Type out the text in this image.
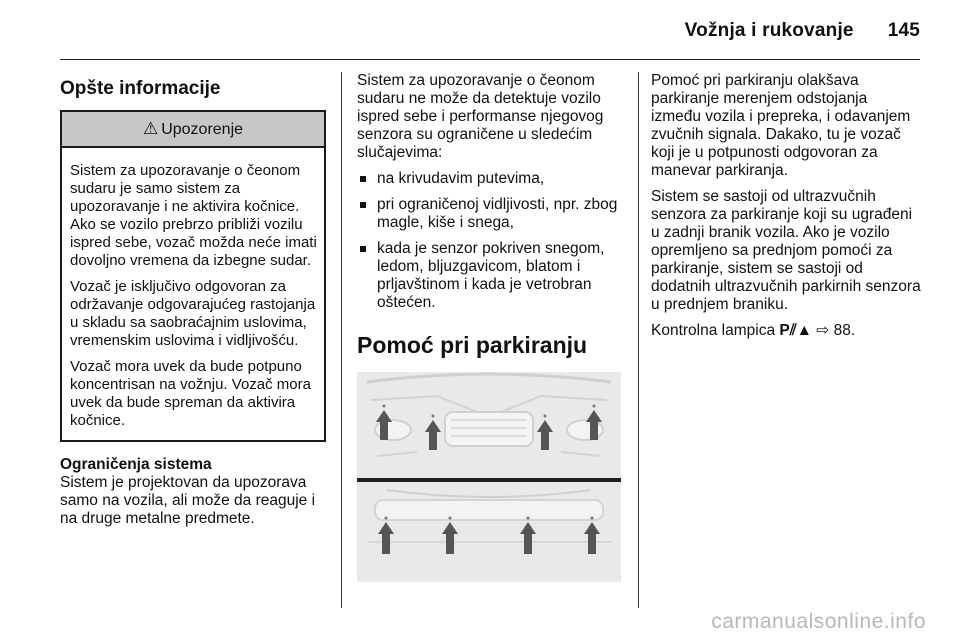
Vožnja i rukovanje 145
Opšte informacije
⚠ Upozorenje

Sistem za upozoravanje o čeonom sudaru je samo sistem za upozoravanje i ne aktivira kočnice. Ako se vozilo prebrzo približi vozilu ispred sebe, vozač možda neće imati dovoljno vremena da izbegne sudar.

Vozač je isključivo odgovoran za održavanje odgovarajućeg rastojanja u skladu sa saobraćajnim uslovima, vremenskim uslovima i vidljivošću.

Vozač mora uvek da bude potpuno koncentrisan na vožnju. Vozač mora uvek da bude spreman da aktivira kočnice.

Ograničenja sistema

Sistem je projektovan da upozorava samo na vozila, ali može da reaguje i na druge metalne predmete.

Sistem za upozoravanje o čeonom sudaru ne može da detektuje vozilo ispred sebe i performanse njegovog senzora su ograničene u sledećim slučajevima:

na krivudavim putevima,
pri ograničenoj vidljivosti, npr. zbog magle, kiše i snega,
kada je senzor pokriven snegom, ledom, bljuzgavicom, blatom i prljavštinom i kada je vetrobran oštećen.
Pomoć pri parkiranju

Pomoć pri parkiranju olakšava parkiranje merenjem odstojanja između vozila i prepreka, i odavanjem zvučnih signala. Dakako, tu je vozač koji je u potpunosti odgovoran za manevar parkiranja.

Sistem se sastoji od ultrazvučnih senzora za parkiranje koji su ugrađeni u zadnji branik vozila. Ako je vozilo opremljeno sa prednjom pomoći za parkiranje, sistem se sastoji od dodatnih ultrazvučnih parkirnih senzora u prednjem braniku.

Kontrolna lampica P⫽▲ ⇨ 88.

carmanualsonline.info
